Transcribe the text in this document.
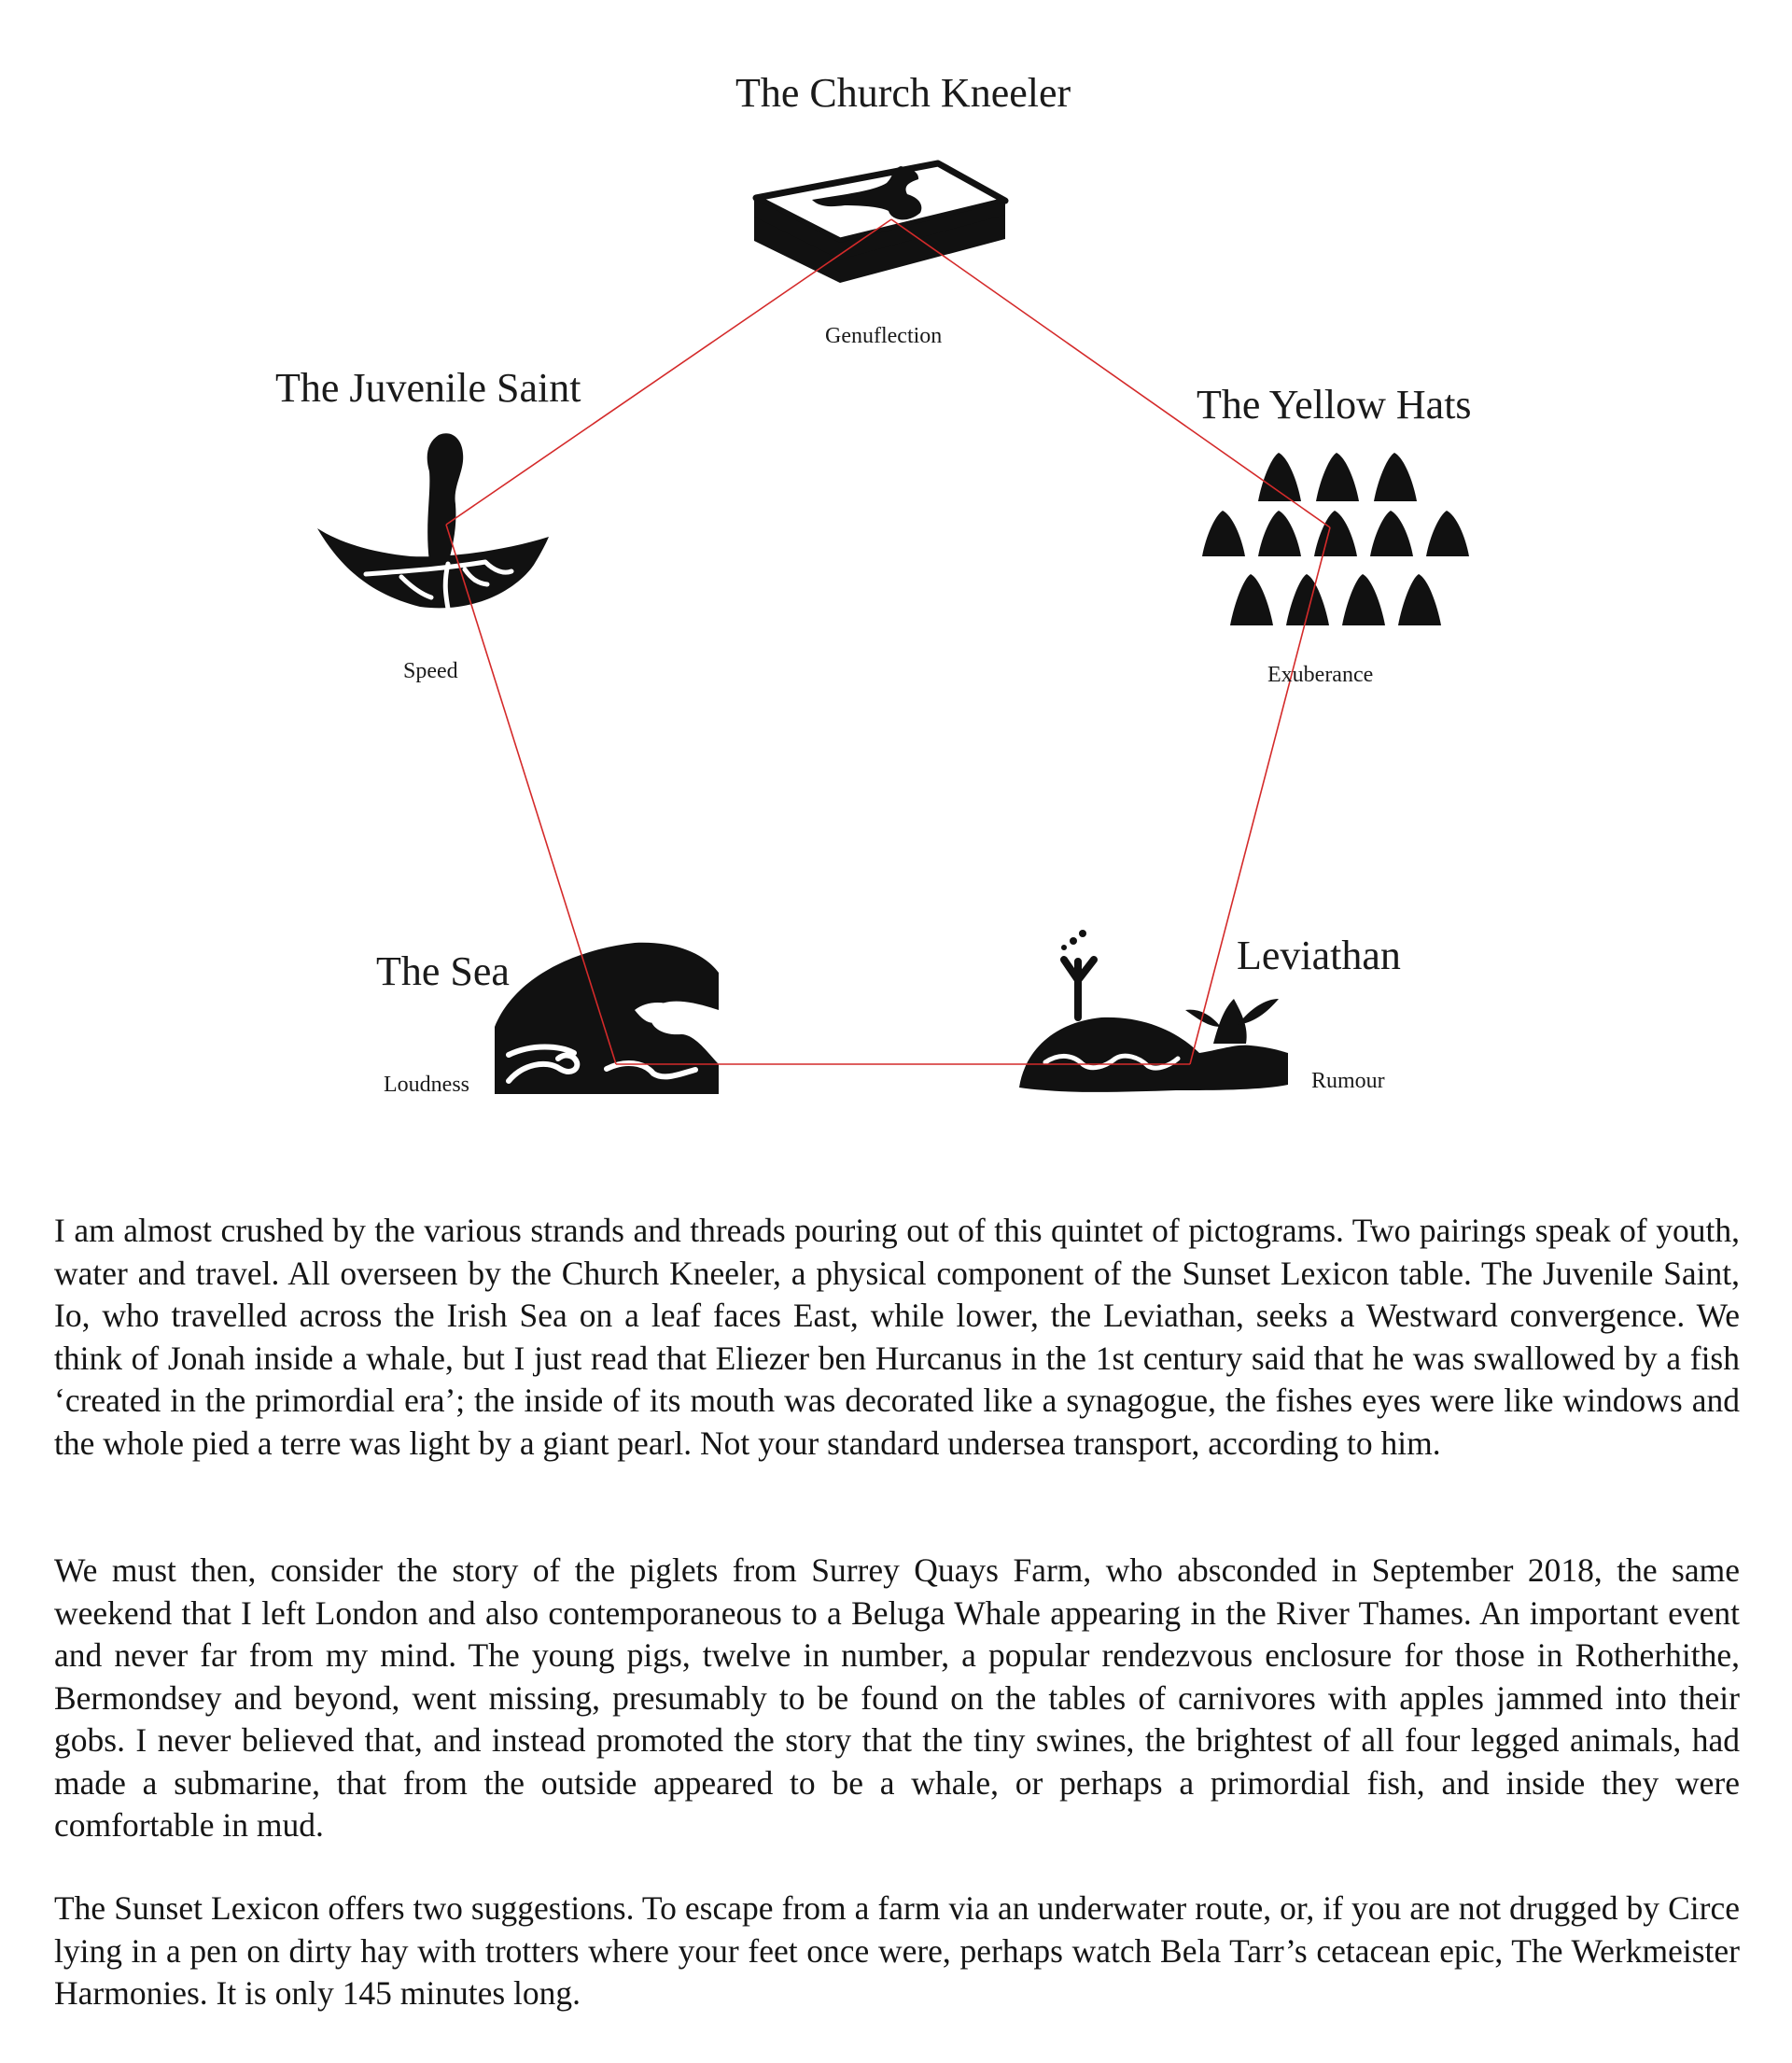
The Church Kneeler
Genuflection
The Juvenile Saint
Speed
The Yellow Hats
Exuberance
The Sea
Loudness
Leviathan
Rumour

I am almost crushed by the various strands and threads pouring out of this quintet of pictograms. Two pairings speak of youth, water and travel. All overseen by the Church Kneeler, a physical component of the Sunset Lexicon table. The Juvenile Saint, Io, who travelled across the Irish Sea on a leaf faces East, while lower, the Leviathan, seeks a Westward convergence. We think of Jonah inside a whale, but I just read that Eliezer ben Hurcanus in the 1st century said that he was swallowed by a fish ‘created in the primordial era’; the inside of its mouth was decorated like a synagogue, the fishes eyes were like windows and the whole pied a terre was light by a giant pearl. Not your standard undersea transport, according to him.

We must then, consider the story of the piglets from Surrey Quays Farm, who absconded in September 2018, the same weekend that I left London and also contemporaneous to a Beluga Whale appearing in the River Thames. An important event and never far from my mind. The young pigs, twelve in number, a popular rendezvous enclosure for those in Rotherhithe, Bermondsey and beyond, went missing, presumably to be found on the tables of carnivores with apples jammed into their gobs. I never believed that, and instead promoted the story that the tiny swines, the brightest of all four legged animals, had made a submarine, that from the outside appeared to be a whale, or perhaps a primordial fish, and inside they were comfortable in mud.

The Sunset Lexicon offers two suggestions. To escape from a farm via an underwater route, or, if you are not drugged by Circe lying in a pen on dirty hay with trotters where your feet once were, perhaps watch Bela Tarr’s cetacean epic, The Werkmeister Harmonies. It is only 145 minutes long.
